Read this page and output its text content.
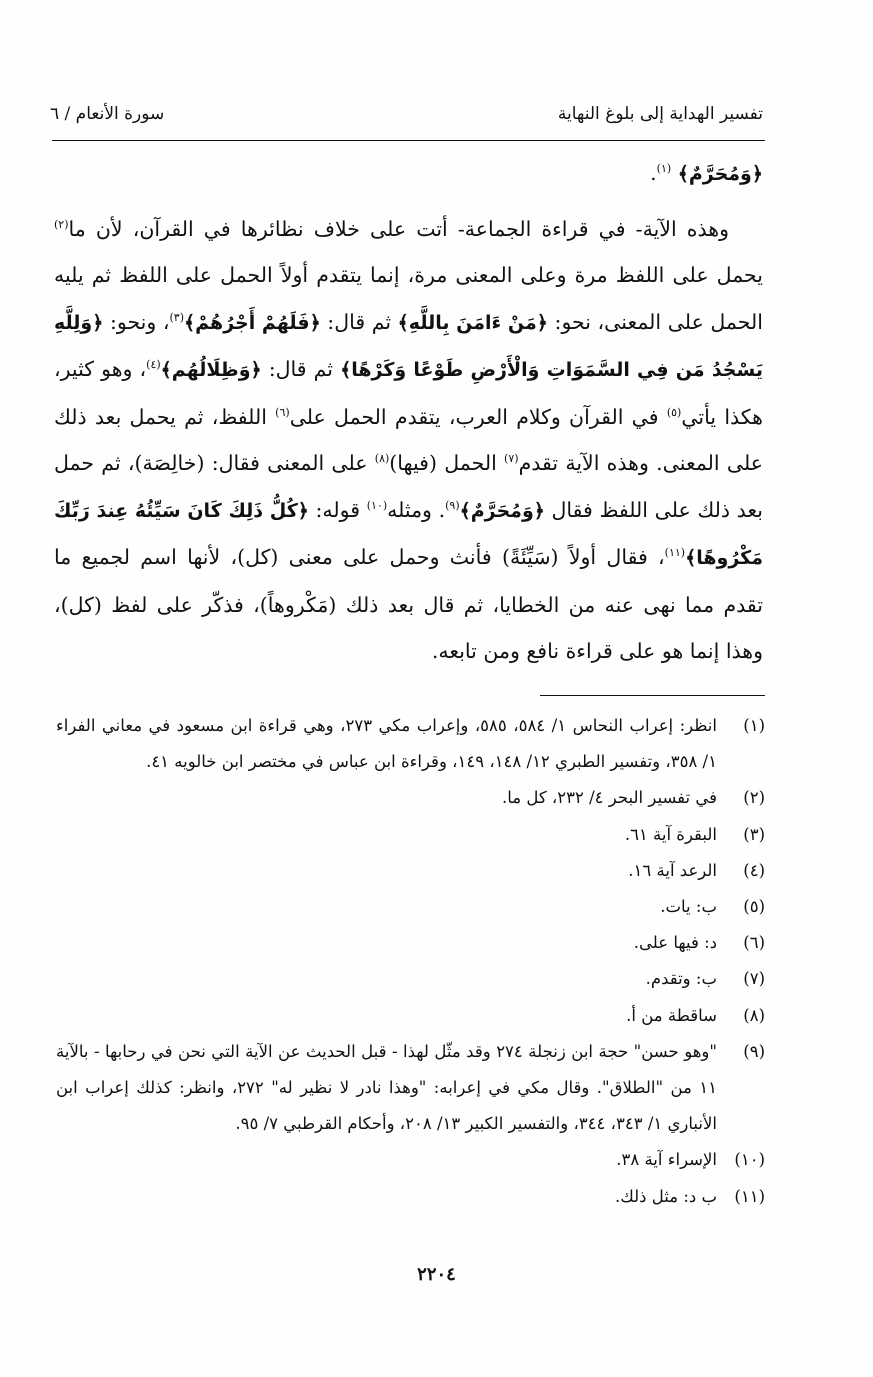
تفسير الهداية إلى بلوغ النهاية
سورة الأنعام / ٦

﴿وَمُحَرَّمٌ﴾ $^{(١)}$.

وهذه الآية- في قراءة الجماعة- أتت على خلاف نظائرها في القرآن، لأن ما$^{(٢)}$ يحمل على اللفظ مرة وعلى المعنى مرة، إنما يتقدم أولاً الحمل على اللفظ ثم يليه الحمل على المعنى، نحو: ﴿مَنْ ءَامَنَ بِاللَّهِ﴾ ثم قال: ﴿فَلَهُمْ أَجْرُهُمْ﴾$^{(٣)}$، ونحو: ﴿وَلِلَّهِ يَسْجُدُ مَن فِي السَّمَوَاتِ وَالْأَرْضِ طَوْعًا وَكَرْهًا﴾ ثم قال: ﴿وَظِلَالُهُم﴾$^{(٤)}$، وهو كثير، هكذا يأتي$^{(٥)}$ في القرآن وكلام العرب، يتقدم الحمل على$^{(٦)}$ اللفظ، ثم يحمل بعد ذلك على المعنى. وهذه الآية تقدم$^{(٧)}$ الحمل (فيها)$^{(٨)}$ على المعنى فقال: (خالِصَة)، ثم حمل بعد ذلك على اللفظ فقال ﴿وَمُحَرَّمٌ﴾$^{(٩)}$. ومثله$^{(١٠)}$ قوله: ﴿كُلُّ ذَلِكَ كَانَ سَيِّئُهُ عِندَ رَبِّكَ مَكْرُوهًا﴾$^{(١١)}$، فقال أولاً (سَيِّئَةً) فأنث وحمل على معنى (كل)، لأنها اسم لجميع ما تقدم مما نهى عنه من الخطايا، ثم قال بعد ذلك (مَكْروهاً)، فذكّر على لفظ (كل)، وهذا إنما هو على قراءة نافع ومن تابعه.

(١)
انظر: إعراب النحاس ١/ ٥٨٤، ٥٨٥، وإعراب مكي ٢٧٣، وهي قراءة ابن مسعود في معاني الفراء ١/ ٣٥٨، وتفسير الطبري ١٢/ ١٤٨، ١٤٩، وقراءة ابن عباس في مختصر ابن خالويه ٤١.
(٢)
في تفسير البحر ٤/ ٢٣٢، كل ما.
(٣)
البقرة آية ٦١.
(٤)
الرعد آية ١٦.
(٥)
ب: يات.
(٦)
د: فيها على.
(٧)
ب: وتقدم.
(٨)
ساقطة من أ.
(٩)
"وهو حسن" حجة ابن زنجلة ٢٧٤ وقد مثّل لهذا - قبل الحديث عن الآية التي نحن في رحابها - بالآية ١١ من "الطلاق". وقال مكي في إعرابه: "وهذا نادر لا نظير له" ٢٧٢، وانظر: كذلك إعراب ابن الأنباري ١/ ٣٤٣، ٣٤٤، والتفسير الكبير ١٣/ ٢٠٨، وأحكام القرطبي ٧/ ٩٥.
(١٠)
الإسراء آية ٣٨.
(١١)
ب د: مثل ذلك.
٢٢٠٤
